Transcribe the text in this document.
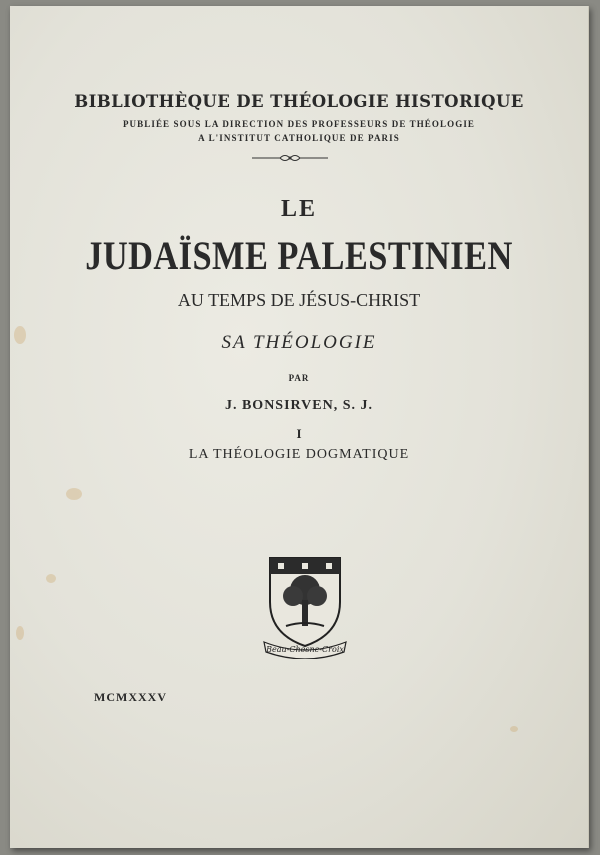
BIBLIOTHÈQUE DE THÉOLOGIE HISTORIQUE
PUBLIÉE SOUS LA DIRECTION DES PROFESSEURS DE THÉOLOGIE
A L'INSTITUT CATHOLIQUE DE PARIS
LE
JUDAÏSME PALESTINIEN
AU TEMPS DE JÉSUS-CHRIST
SA THÉOLOGIE
PAR
J. BONSIRVEN, S. J.
I
LA THÉOLOGIE DOGMATIQUE
Beau-Chesne-Croix
MCMXXXV
